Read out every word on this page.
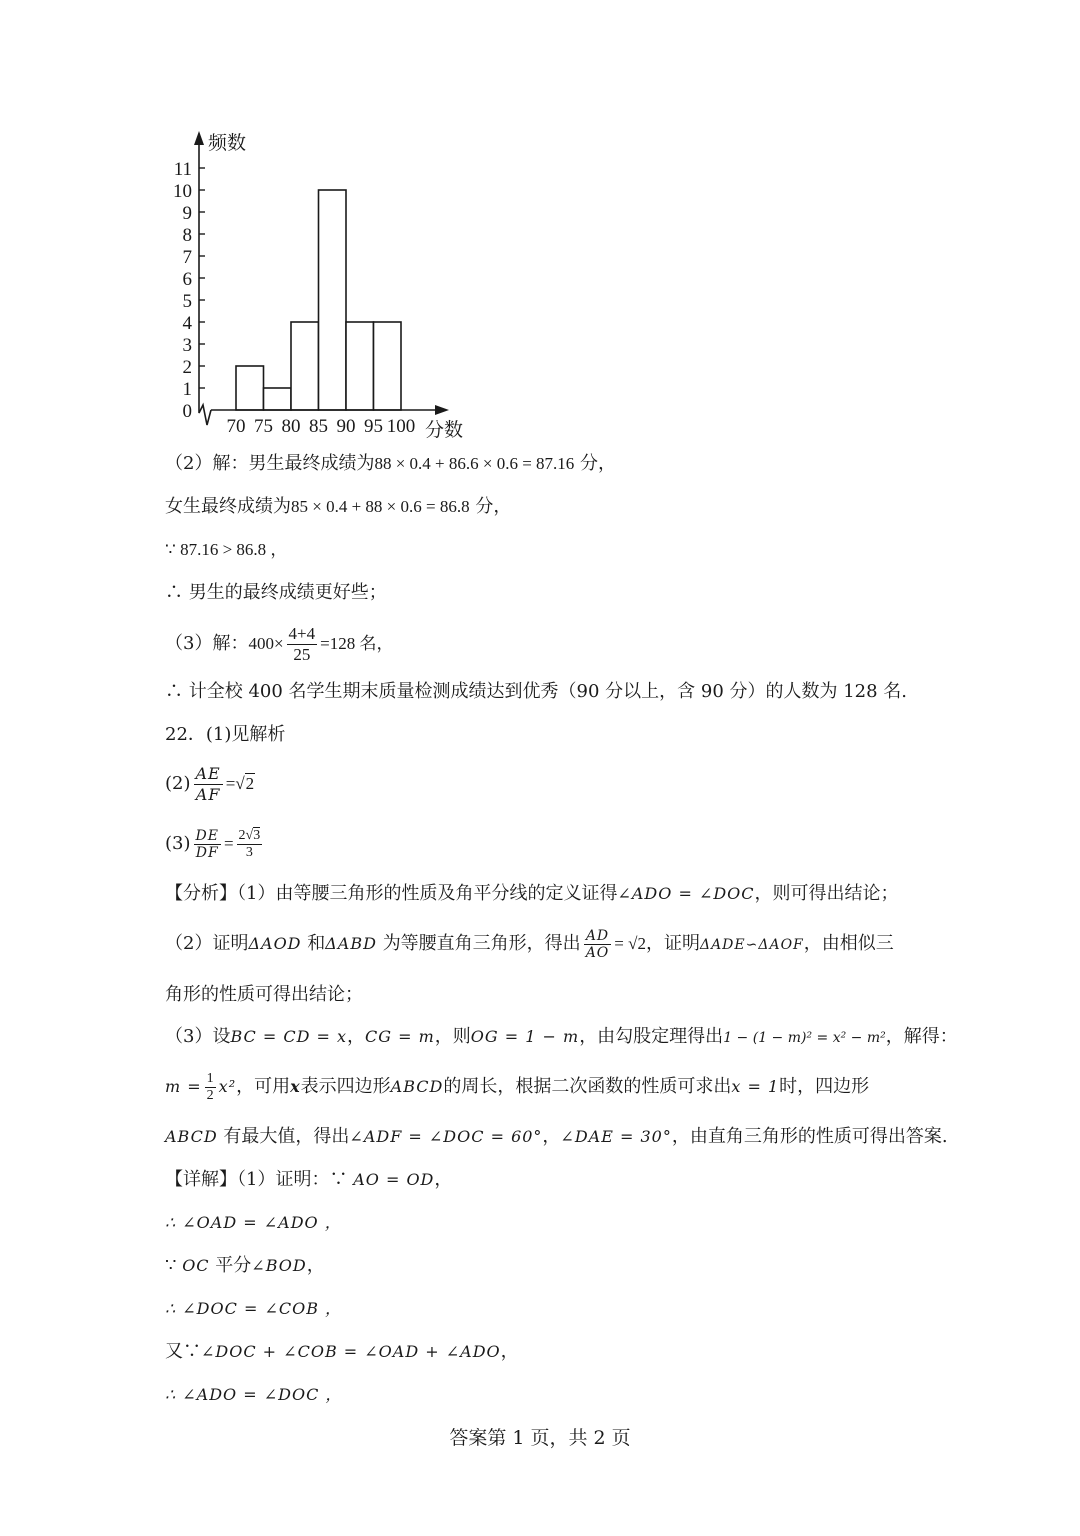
0
1
2
3
4
5
6
7
8
9
10
11
70 75 80 85 90 95 100
频数
分数
（2）解：男生最终成绩为88 × 0.4 + 86.6 × 0.6 = 87.16 分，
女生最终成绩为85 × 0.4 + 88 × 0.6 = 86.8 分，
∵ 87.16 > 86.8 ，
∴ 男生的最终成绩更好些；
（3）解：$400\times \frac{4+4}{25} =128$ 名，
∴ 计全校 400 名学生期末质量检测成绩达到优秀（90 分以上，含 90 分）的人数为 128 名.
22．(1)见解析
$(2) \frac{AE}{AF} =√2$
$(3) \frac{DE}{DF} = \frac{2√3}{3}$
【分析】（1）由等腰三角形的性质及角平分线的定义证得∠ADO = ∠DOC，则可得出结论；
（2）证明ΔAOD 和ΔABD 为等腰直角三角形，得出 $\frac{AD}{AO} = √2$，证明ΔADE∽ΔAOF，由相似三
角形的性质可得出结论；
（3）设BC = CD = x，CG = m，则OG = 1 − m，由勾股定理得出1 − (1 − m)² = x² − m²，解得：
$m = \frac{1}{2} x^2$，可用x表示四边形ABCD的周长，根据二次函数的性质可求出x = 1时，四边形
ABCD 有最大值，得出∠ADF = ∠DOC = 60°，∠DAE = 30°，由直角三角形的性质可得出答案.
【详解】（1）证明：∵ AO = OD，
∴ ∠OAD = ∠ADO ，
∵ OC 平分∠BOD，
∴ ∠DOC = ∠COB ，
又∵∠DOC + ∠COB = ∠OAD + ∠ADO，
∴ ∠ADO = ∠DOC ，
答案第 1 页，共 2 页
